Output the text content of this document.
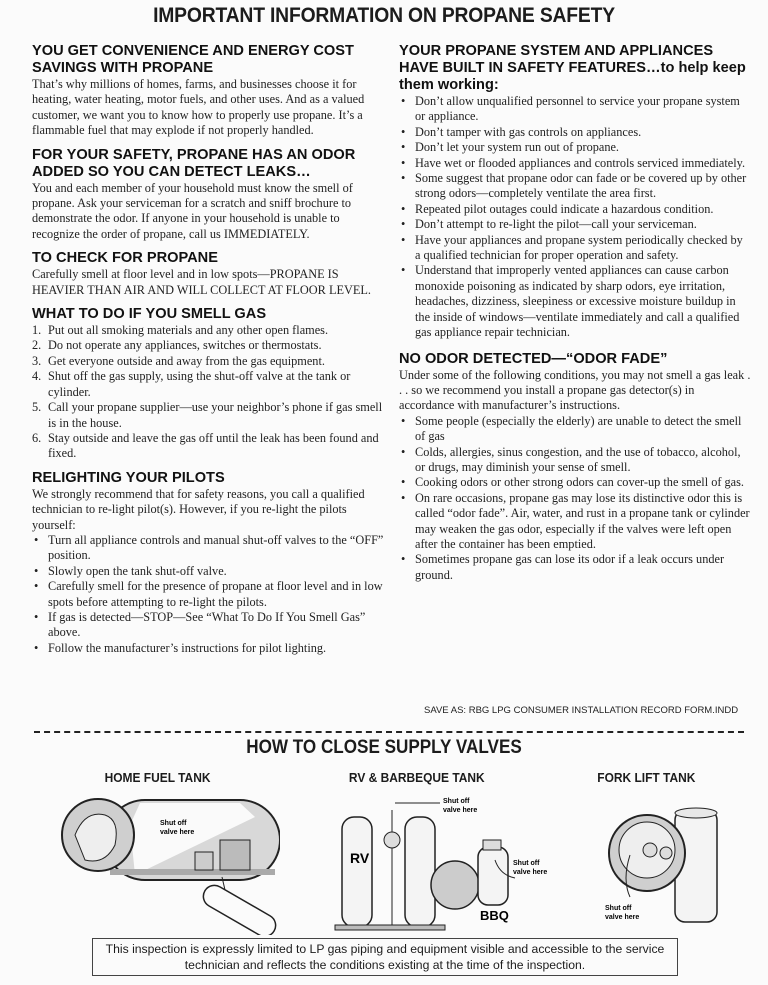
IMPORTANT INFORMATION ON PROPANE SAFETY
YOU GET CONVENIENCE AND ENERGY COST SAVINGS WITH PROPANE

That’s why millions of homes, farms, and businesses choose it for heating, water heating, motor fuels, and other uses. And as a valued customer, we want you to know how to properly use propane. It’s a flammable fuel that may explode if not properly handled.

FOR YOUR SAFETY, PROPANE HAS AN ODOR ADDED SO YOU CAN DETECT LEAKS…

You and each member of your household must know the smell of propane. Ask your serviceman for a scratch and sniff brochure to demonstrate the odor. If anyone in your household is unable to recognize the order of propane, call us IMMEDIATELY.

TO CHECK FOR PROPANE

Carefully smell at floor level and in low spots—PROPANE IS HEAVIER THAN AIR AND WILL COLLECT AT FLOOR LEVEL.

WHAT TO DO IF YOU SMELL GAS
1. Put out all smoking materials and any other open flames.
2. Do not operate any appliances, switches or thermostats.
3. Get everyone outside and away from the gas equipment.
4. Shut off the gas supply, using the shut-off valve at the tank or cylinder.
5. Call your propane supplier—use your neighbor’s phone if gas smell is in the house.
6. Stay outside and leave the gas off until the leak has been found and fixed.
RELIGHTING YOUR PILOTS

We strongly recommend that for safety reasons, you call a qualified technician to re-light pilot(s). However, if you re-light the pilots yourself:

• Turn all appliance controls and manual shut-off valves to the “OFF” position.
• Slowly open the tank shut-off valve.
• Carefully smell for the presence of propane at floor level and in low spots before attempting to re-light the pilots.
• If gas is detected—STOP—See “What To Do If You Smell Gas” above.
• Follow the manufacturer’s instructions for pilot lighting.
YOUR PROPANE SYSTEM AND APPLIANCES HAVE BUILT IN SAFETY FEATURES…to help keep them working:
• Don’t allow unqualified personnel to service your propane system or appliance.
• Don’t tamper with gas controls on appliances.
• Don’t let your system run out of propane.
• Have wet or flooded appliances and controls serviced immediately.
• Some suggest that propane odor can fade or be covered up by other strong odors—completely ventilate the area first.
• Repeated pilot outages could indicate a hazardous condition.
• Don’t attempt to re-light the pilot—call your serviceman.
• Have your appliances and propane system periodically checked by a qualified technician for proper operation and safety.
• Understand that improperly vented appliances can cause carbon monoxide poisoning as indicated by sharp odors, eye irritation, headaches, dizziness, sleepiness or excessive moisture buildup in the inside of windows—ventilate immediately and call a qualified gas appliance repair technician.
NO ODOR DETECTED—“ODOR FADE”

Under some of the following conditions, you may not smell a gas leak . . . so we recommend you install a propane gas detector(s) in accordance with manufacturer’s instructions.

• Some people (especially the elderly) are unable to detect the smell of gas
• Colds, allergies, sinus congestion, and the use of tobacco, alcohol, or drugs, may diminish your sense of smell.
• Cooking odors or other strong odors can cover-up the smell of gas.
• On rare occasions, propane gas may lose its distinctive odor this is called “odor fade”. Air, water, and rust in a propane tank or cylinder may weaken the gas odor, especially if the valves were left open after the container has been emptied.
• Sometimes propane gas can lose its odor if a leak occurs under ground.
SAVE AS: RBG LPG CONSUMER INSTALLATION RECORD FORM.INDD
HOW TO CLOSE SUPPLY VALVES
HOME FUEL TANK	RV & BARBEQUE TANK	FORK LIFT TANK
Shut off
valve here
RV
Shut off
valve here
Shut off
valve here
BBQ	Shut off
valve here
This inspection is expressly limited to LP gas piping and equipment visible and accessible to the service technician and reflects the conditions existing at the time of the inspection.
